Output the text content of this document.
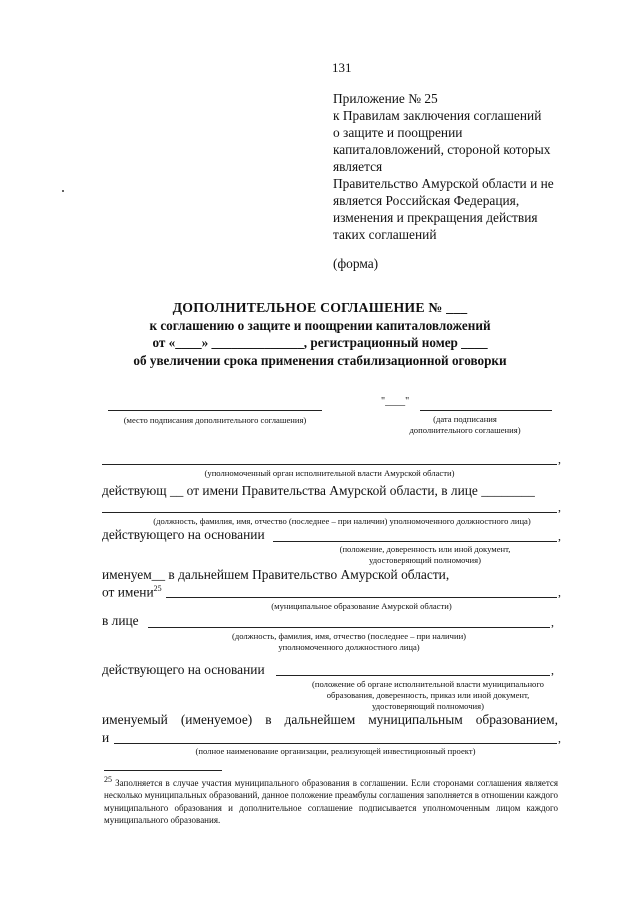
131
Приложение № 25
к Правилам заключения соглашений
о защите и поощрении
капиталовложений, стороной которых
является
Правительство Амурской области и не
является Российская Федерация,
изменения и прекращения действия
таких соглашений
(форма)
ДОПОЛНИТЕЛЬНОЕ СОГЛАШЕНИЕ № ___
к соглашению о защите и поощрении капиталовложений
от «____» ______________, регистрационный номер ____
об увеличении срока применения стабилизационной оговорки
(место подписания дополнительного соглашения)
"____"
(дата подписания
дополнительного соглашения)
,
(уполномоченный орган исполнительной власти Амурской области)
действующ __ от имени Правительства Амурской области, в лице ________
,
(должность, фамилия, имя, отчество (последнее – при наличии) уполномоченного должностного лица)
действующего на основании	,
(положение, доверенность или иной документ,
удостоверяющий полномочия)
именуем__ в дальнейшем Правительство Амурской области,
от имени$^{25}$	,
(муниципальное образование Амурской области)
в лице	,
(должность, фамилия, имя, отчество (последнее – при наличии)
уполномоченного должностного лица)
действующего на основании	,
(положение об органе исполнительной власти муниципального
образования, доверенность, приказ или иной документ,
удостоверяющий полномочия)
именуемый (именуемое) в дальнейшем муниципальным образованием,
и	,
(полное наименование организации, реализующей инвестиционный проект)
$^{25}$ Заполняется в случае участия муниципального образования в соглашении. Если сторонами соглашения является несколько муниципальных образований, данное положение преамбулы соглашения заполняется в отношении каждого муниципального образования и дополнительное соглашение подписывается уполномоченным лицом каждого муниципального образования.
